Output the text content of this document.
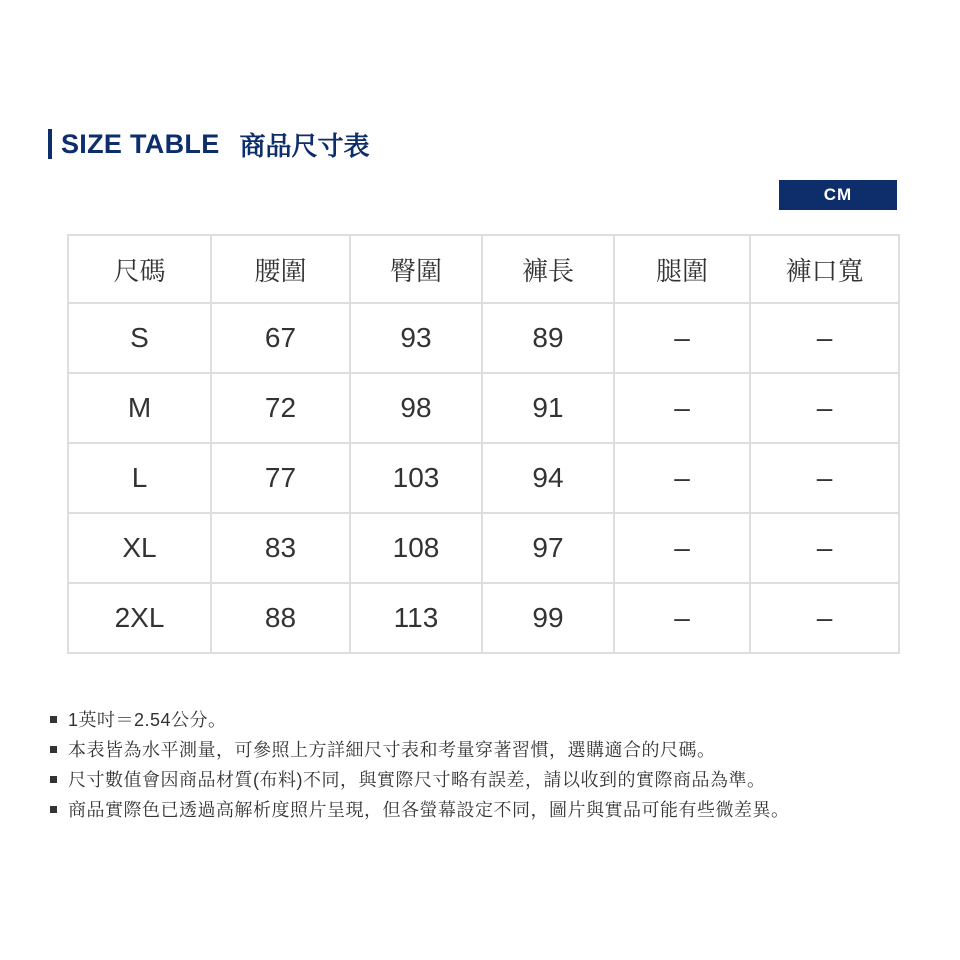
SIZE TABLE 商品尺寸表
CM
尺碼	腰圍	臀圍	褲長	腿圍	褲口寬
S	67	93	89	–	–
M	72	98	91	–	–
L	77	103	94	–	–
XL	83	108	97	–	–
2XL	88	113	99	–	–
1英吋＝2.54公分。
本表皆為水平測量，可參照上方詳細尺寸表和考量穿著習慣，選購適合的尺碼。
尺寸數值會因商品材質(布料)不同，與實際尺寸略有誤差，請以收到的實際商品為準。
商品實際色已透過高解析度照片呈現，但各螢幕設定不同，圖片與實品可能有些微差異。
